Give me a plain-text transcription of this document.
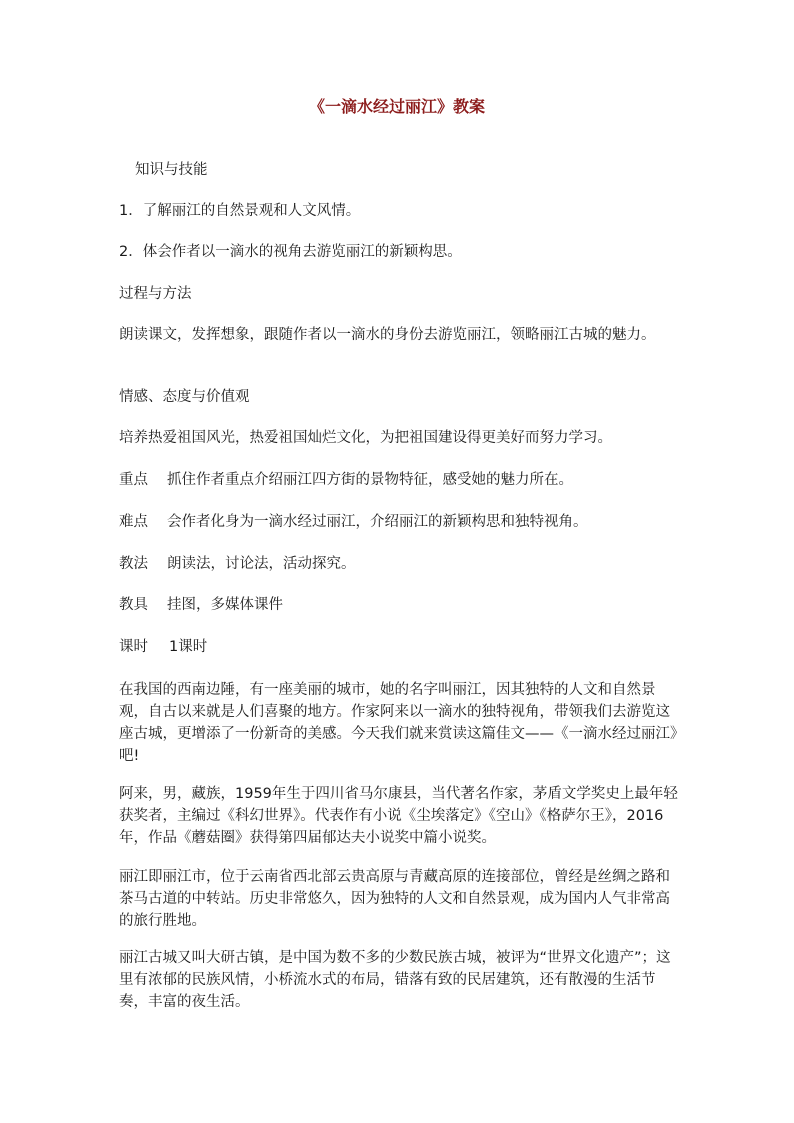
《一滴水经过丽江》教案

知识与技能

1．了解丽江的自然景观和人文风情。

2．体会作者以一滴水的视角去游览丽江的新颖构思。

过程与方法

朗读课文，发挥想象，跟随作者以一滴水的身份去游览丽江，领略丽江古城的魅力。

情感、态度与价值观

培养热爱祖国风光，热爱祖国灿烂文化，为把祖国建设得更美好而努力学习。

重点 抓住作者重点介绍丽江四方街的景物特征，感受她的魅力所在。

难点 会作者化身为一滴水经过丽江，介绍丽江的新颖构思和独特视角。

教法 朗读法，讨论法，活动探究。

教具 挂图，多媒体课件

课时 1课时

在我国的西南边陲，有一座美丽的城市，她的名字叫丽江，因其独特的人文和自然景观，自古以来就是人们喜聚的地方。作家阿来以一滴水的独特视角，带领我们去游览这座古城，更增添了一份新奇的美感。今天我们就来赏读这篇佳文——《一滴水经过丽江》吧!

阿来，男，藏族，1959年生于四川省马尔康县，当代著名作家，茅盾文学奖史上最年轻获奖者，主编过《科幻世界》。代表作有小说《尘埃落定》《空山》《格萨尔王》，2016年，作品《蘑菇圈》获得第四届郁达夫小说奖中篇小说奖。

丽江即丽江市，位于云南省西北部云贵高原与青藏高原的连接部位，曾经是丝绸之路和茶马古道的中转站。历史非常悠久，因为独特的人文和自然景观，成为国内人气非常高的旅行胜地。

丽江古城又叫大研古镇，是中国为数不多的少数民族古城，被评为“世界文化遗产”；这里有浓郁的民族风情，小桥流水式的布局，错落有致的民居建筑，还有散漫的生活节奏，丰富的夜生活。
